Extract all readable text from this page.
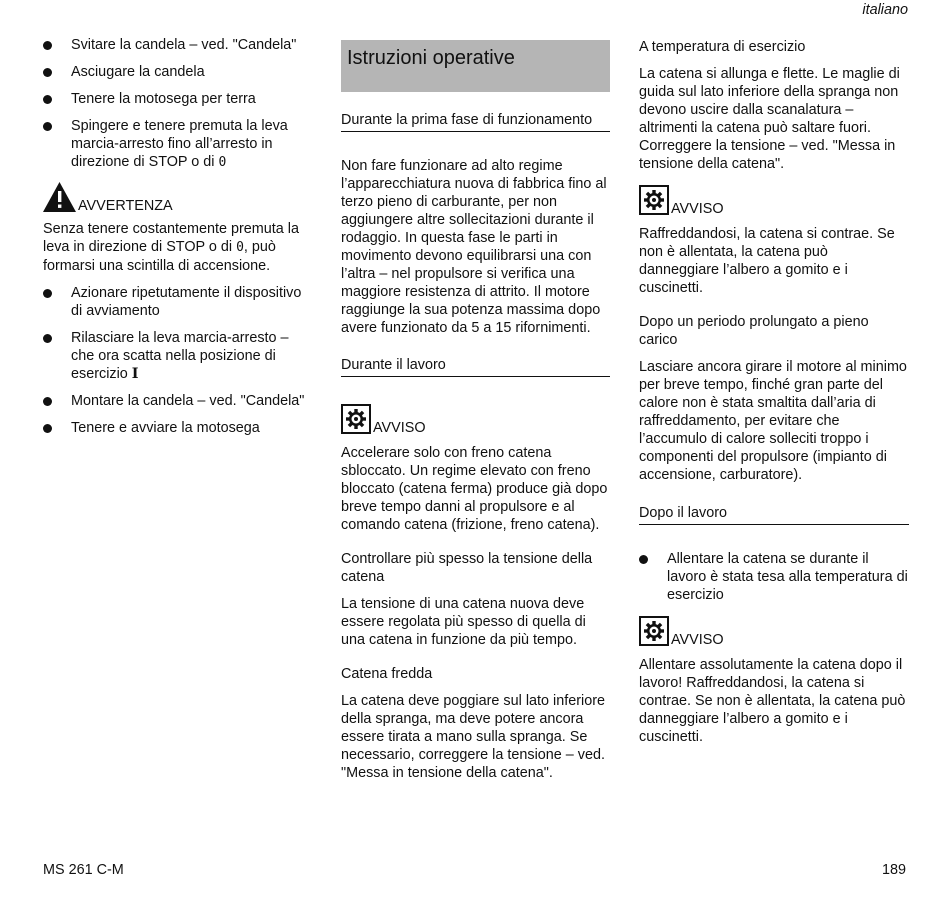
italiano
Svitare la candela – ved. "Candela"
Asciugare la candela
Tenere la motosega per terra
Spingere e tenere premuta la leva marcia-arresto fino all’arresto in direzione di STOP o di 0
AVVERTENZA

Senza tenere costantemente premuta la leva in direzione di STOP o di 0, può formarsi una scintilla di accensione.

Azionare ripetutamente il dispositivo di avviamento
Rilasciare la leva marcia-arresto – che ora scatta nella posizione di esercizio I
Montare la candela – ved. "Candela"
Tenere e avviare la motosega
Istruzioni operative

Durante la prima fase di funzionamento

Non fare funzionare ad alto regime l’apparecchiatura nuova di fabbrica fino al terzo pieno di carburante, per non aggiungere altre sollecitazioni durante il rodaggio. In questa fase le parti in movimento devono equilibrarsi una con l’altra – nel propulsore si verifica una maggiore resistenza di attrito. Il motore raggiunge la sua potenza massima dopo avere funzionato da 5 a 15 rifornimenti.

Durante il lavoro

AVVISO

Accelerare solo con freno catena sbloccato. Un regime elevato con freno bloccato (catena ferma) produce già dopo breve tempo danni al propulsore e al comando catena (frizione, freno catena).

Controllare più spesso la tensione della catena

La tensione di una catena nuova deve essere regolata più spesso di quella di una catena in funzione da più tempo.

Catena fredda

La catena deve poggiare sul lato inferiore della spranga, ma deve potere ancora essere tirata a mano sulla spranga. Se necessario, correggere la tensione – ved. "Messa in tensione della catena".

A temperatura di esercizio

La catena si allunga e flette. Le maglie di guida sul lato inferiore della spranga non devono uscire dalla scanalatura – altrimenti la catena può saltare fuori. Correggere la tensione – ved. "Messa in tensione della catena".

AVVISO

Raffreddandosi, la catena si contrae. Se non è allentata, la catena può danneggiare l’albero a gomito e i cuscinetti.

Dopo un periodo prolungato a pieno carico

Lasciare ancora girare il motore al minimo per breve tempo, finché gran parte del calore non è stata smaltita dall’aria di raffreddamento, per evitare che l’accumulo di calore solleciti troppo i componenti del propulsore (impianto di accensione, carburatore).

Dopo il lavoro

Allentare la catena se durante il lavoro è stata tesa alla temperatura di esercizio
AVVISO

Allentare assolutamente la catena dopo il lavoro! Raffreddandosi, la catena si contrae. Se non è allentata, la catena può danneggiare l’albero a gomito e i cuscinetti.

MS 261 C-M	189
